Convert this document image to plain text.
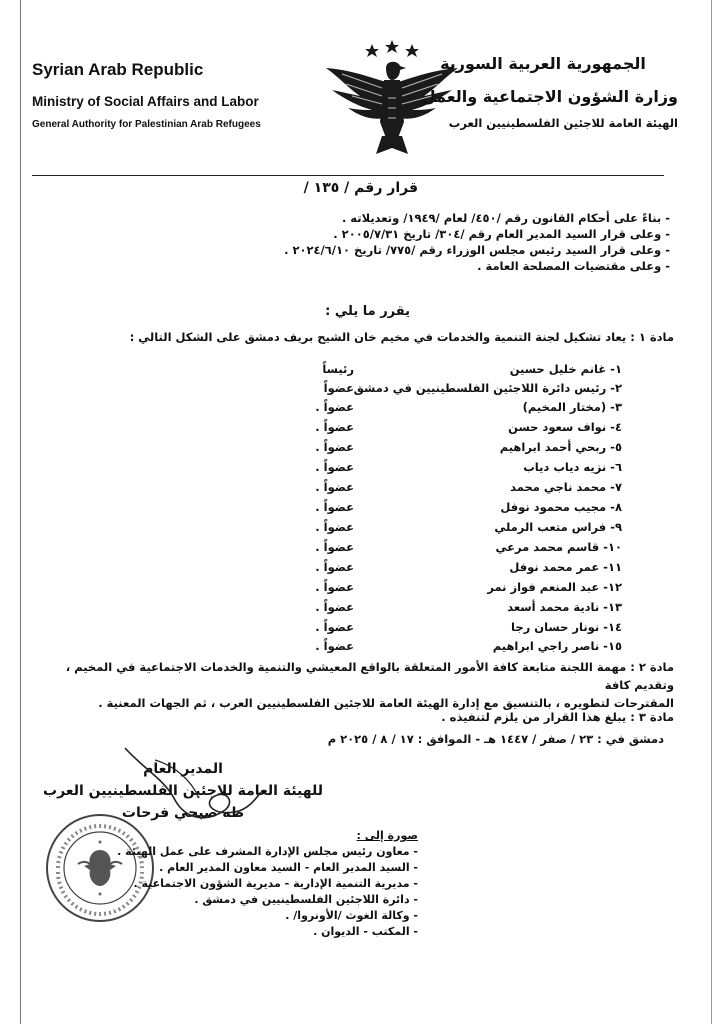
Syrian Arab Republic
Ministry of Social Affairs and Labor
General Authority for Palestinian Arab Refugees
الجمهورية العربية السورية
وزارة الشؤون الاجتماعية والعمل
الهيئة العامة للاجئين الفلسطينيين العرب
قرار رقم / ١٣٥ /
- بناءً على أحكام القانون رقم /٤٥٠/ لعام /١٩٤٩/ وتعديلاته .
- وعلى قرار السيد المدير العام رقم /٣٠٤/ تاريخ ٢٠٠٥/٧/٣١ .
- وعلى قرار السيد رئيس مجلس الوزراء رقم /٧٧٥/ تاريخ ٢٠٢٤/٦/١٠ .
- وعلى مقتضيات المصلحة العامة .
يقرر ما يلي :
مادة ١ : يعاد تشكيل لجنة التنمية والخدمات في مخيم خان الشيح بريف دمشق على الشكل التالي :
١- غانم خليل حسين
رئيساً
٢- رئيس دائرة اللاجئين الفلسطينيين في دمشق
عضواً
٣- (مختار المخيم)
عضواً .
٤- نواف سعود حسن
عضواً .
٥- ربحي أحمد ابراهيم
عضواً .
٦- نزيه دياب دياب
عضواً .
٧- محمد ناجي محمد
عضواً .
٨- مجيب محمود نوفل
عضواً .
٩- فراس متعب الرملي
عضواً .
١٠- قاسم محمد مرعي
عضواً .
١١- عمر محمد نوفل
عضواً .
١٢- عبد المنعم فواز نمر
عضواً .
١٣- نادية محمد أسعد
عضواً .
١٤- نونار حسان رجا
عضواً .
١٥- ناصر راجي ابراهيم
عضواً .
مادة ٢ : مهمة اللجنة متابعة كافة الأمور المتعلقة بالواقع المعيشي والتنمية والخدمات الاجتماعية في المخيم ، وتقديم كافة
المقترحات لتطويره ، بالتنسيق مع إدارة الهيئة العامة للاجئين الفلسطينيين العرب ، ثم الجهات المعنية .
مادة ٣ : يبلغ هذا القرار من يلزم لتنفيذه .
دمشق في : ٢٣ / صفر / ١٤٤٧ هـ - الموافق : ١٧ / ٨ / ٢٠٢٥ م
المدير العام
للهيئة العامة للاجئين الفلسطينيين العرب
طه صبحي فرحات
صورة إلى :
- معاون رئيس مجلس الإدارة المشرف على عمل الهيئة .
- السيد المدير العام - السيد معاون المدير العام .
- مديرية التنمية الإدارية - مديرية الشؤون الاجتماعية .
- دائرة اللاجئين الفلسطينيين في دمشق .
- وكالة الغوث /الأونروا/ .
- المكتب - الديوان .
